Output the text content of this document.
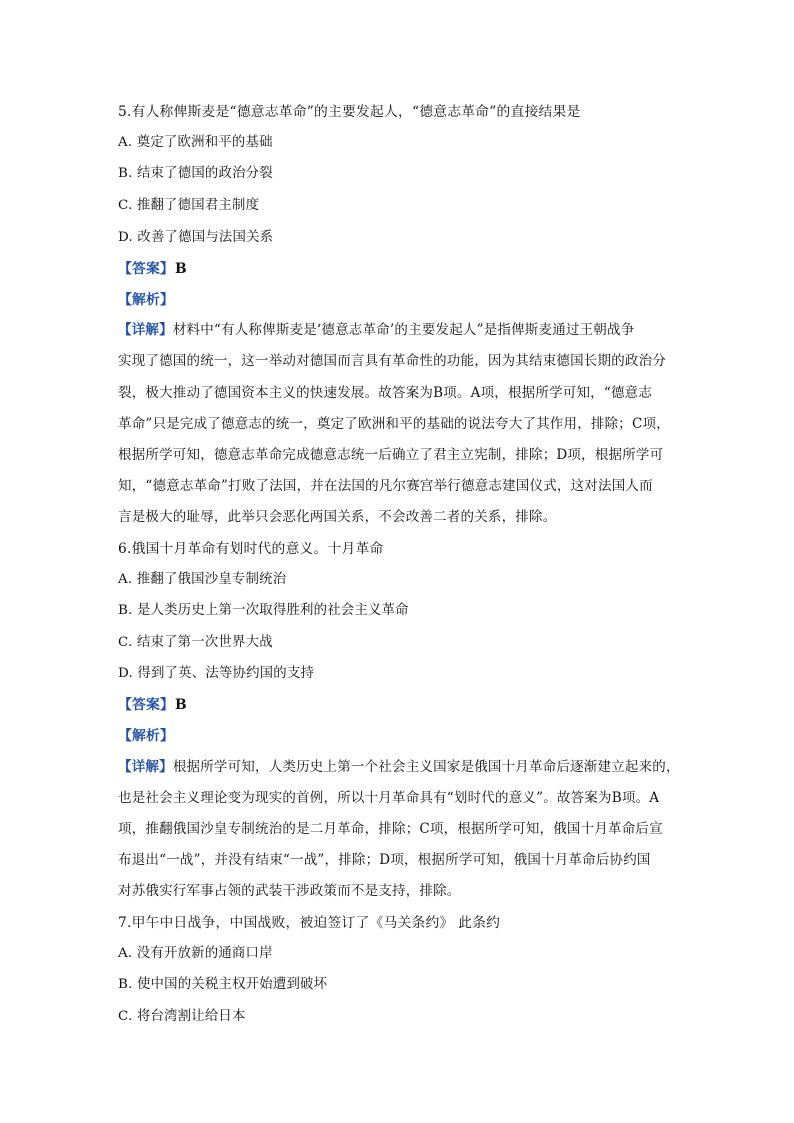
5.有人称俾斯麦是“德意志革命”的主要发起人，“德意志革命”的直接结果是
A. 奠定了欧洲和平的基础
B. 结束了德国的政治分裂
C. 推翻了德国君主制度
D. 改善了德国与法国关系
【答案】B
【解析】
【详解】材料中“有人称俾斯麦是‘德意志革命’的主要发起人”是指俾斯麦通过王朝战争
实现了德国的统一，这一举动对德国而言具有革命性的功能，因为其结束德国长期的政治分
裂，极大推动了德国资本主义的快速发展。故答案为B项。A项，根据所学可知，“德意志
革命”只是完成了德意志的统一，奠定了欧洲和平的基础的说法夸大了其作用，排除；C项，
根据所学可知，德意志革命完成德意志统一后确立了君主立宪制，排除；D项，根据所学可
知，“德意志革命”打败了法国，并在法国的凡尔赛宫举行德意志建国仪式，这对法国人而
言是极大的耻辱，此举只会恶化两国关系，不会改善二者的关系，排除。
6.俄国十月革命有划时代的意义。十月革命
A. 推翻了俄国沙皇专制统治
B. 是人类历史上第一次取得胜利的社会主义革命
C. 结束了第一次世界大战
D. 得到了英、法等协约国的支持
【答案】B
【解析】
【详解】根据所学可知，人类历史上第一个社会主义国家是俄国十月革命后逐渐建立起来的，
也是社会主义理论变为现实的首例，所以十月革命具有“划时代的意义”。故答案为B项。A
项，推翻俄国沙皇专制统治的是二月革命，排除；C项，根据所学可知，俄国十月革命后宣
布退出“一战”，并没有结束“一战”，排除；D项，根据所学可知，俄国十月革命后协约国
对苏俄实行军事占领的武装干涉政策而不是支持，排除。
7.甲午中日战争，中国战败，被迫签订了《马关条约》 此条约
A. 没有开放新的通商口岸
B. 使中国的关税主权开始遭到破坏
C. 将台湾割让给日本
